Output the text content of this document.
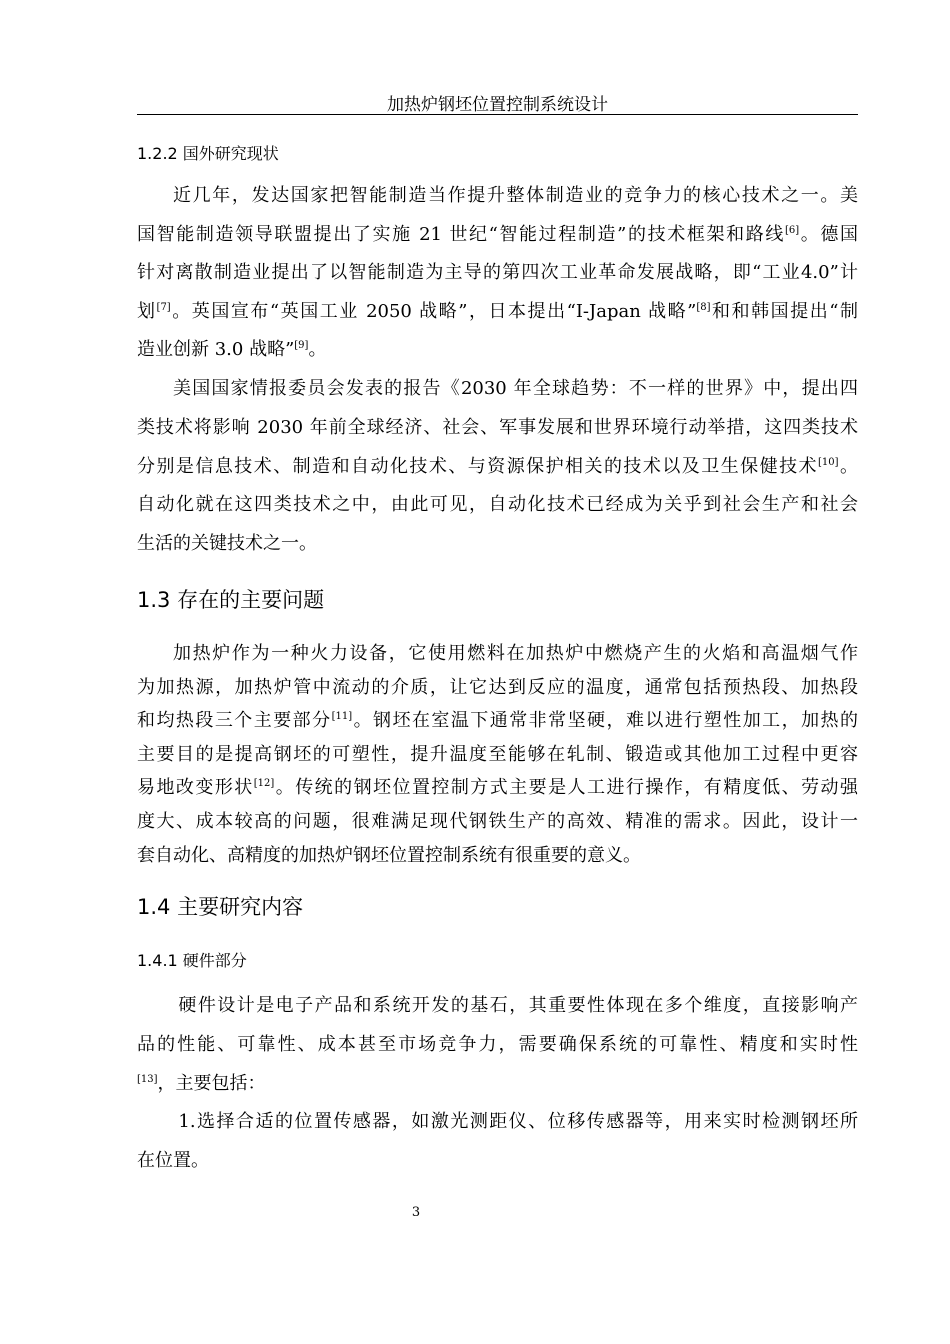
加热炉钢坯位置控制系统设计
1.2.2 国外研究现状
近几年，发达国家把智能制造当作提升整体制造业的竞争力的核心技术之一。美
国智能制造领导联盟提出了实施 21 世纪“智能过程制造”的技术框架和路线[6]。德国
针对离散制造业提出了以智能制造为主导的第四次工业革命发展战略，即“工业4.0”计
划[7]。英国宣布“英国工业 2050 战略”，日本提出“I-Japan 战略”[8]和和韩国提出“制
造业创新 3.0 战略”[9]。
美国国家情报委员会发表的报告《2030 年全球趋势：不一样的世界》中，提出四
类技术将影响 2030 年前全球经济、社会、军事发展和世界环境行动举措，这四类技术
分别是信息技术、制造和自动化技术、与资源保护相关的技术以及卫生保健技术[10]。
自动化就在这四类技术之中，由此可见，自动化技术已经成为关乎到社会生产和社会
生活的关键技术之一。
1.3 存在的主要问题
加热炉作为一种火力设备，它使用燃料在加热炉中燃烧产生的火焰和高温烟气作
为加热源，加热炉管中流动的介质，让它达到反应的温度，通常包括预热段、加热段
和均热段三个主要部分[11]。钢坯在室温下通常非常坚硬，难以进行塑性加工，加热的
主要目的是提高钢坯的可塑性，提升温度至能够在轧制、锻造或其他加工过程中更容
易地改变形状[12]。传统的钢坯位置控制方式主要是人工进行操作，有精度低、劳动强
度大、成本较高的问题，很难满足现代钢铁生产的高效、精准的需求。因此，设计一
套自动化、高精度的加热炉钢坯位置控制系统有很重要的意义。
1.4 主要研究内容
1.4.1 硬件部分
硬件设计是电子产品和系统开发的基石，其重要性体现在多个维度，直接影响产
品的性能、可靠性、成本甚至市场竞争力，需要确保系统的可靠性、精度和实时性
[13]，主要包括：
1.选择合适的位置传感器，如激光测距仪、位移传感器等，用来实时检测钢坯所
在位置。
3
